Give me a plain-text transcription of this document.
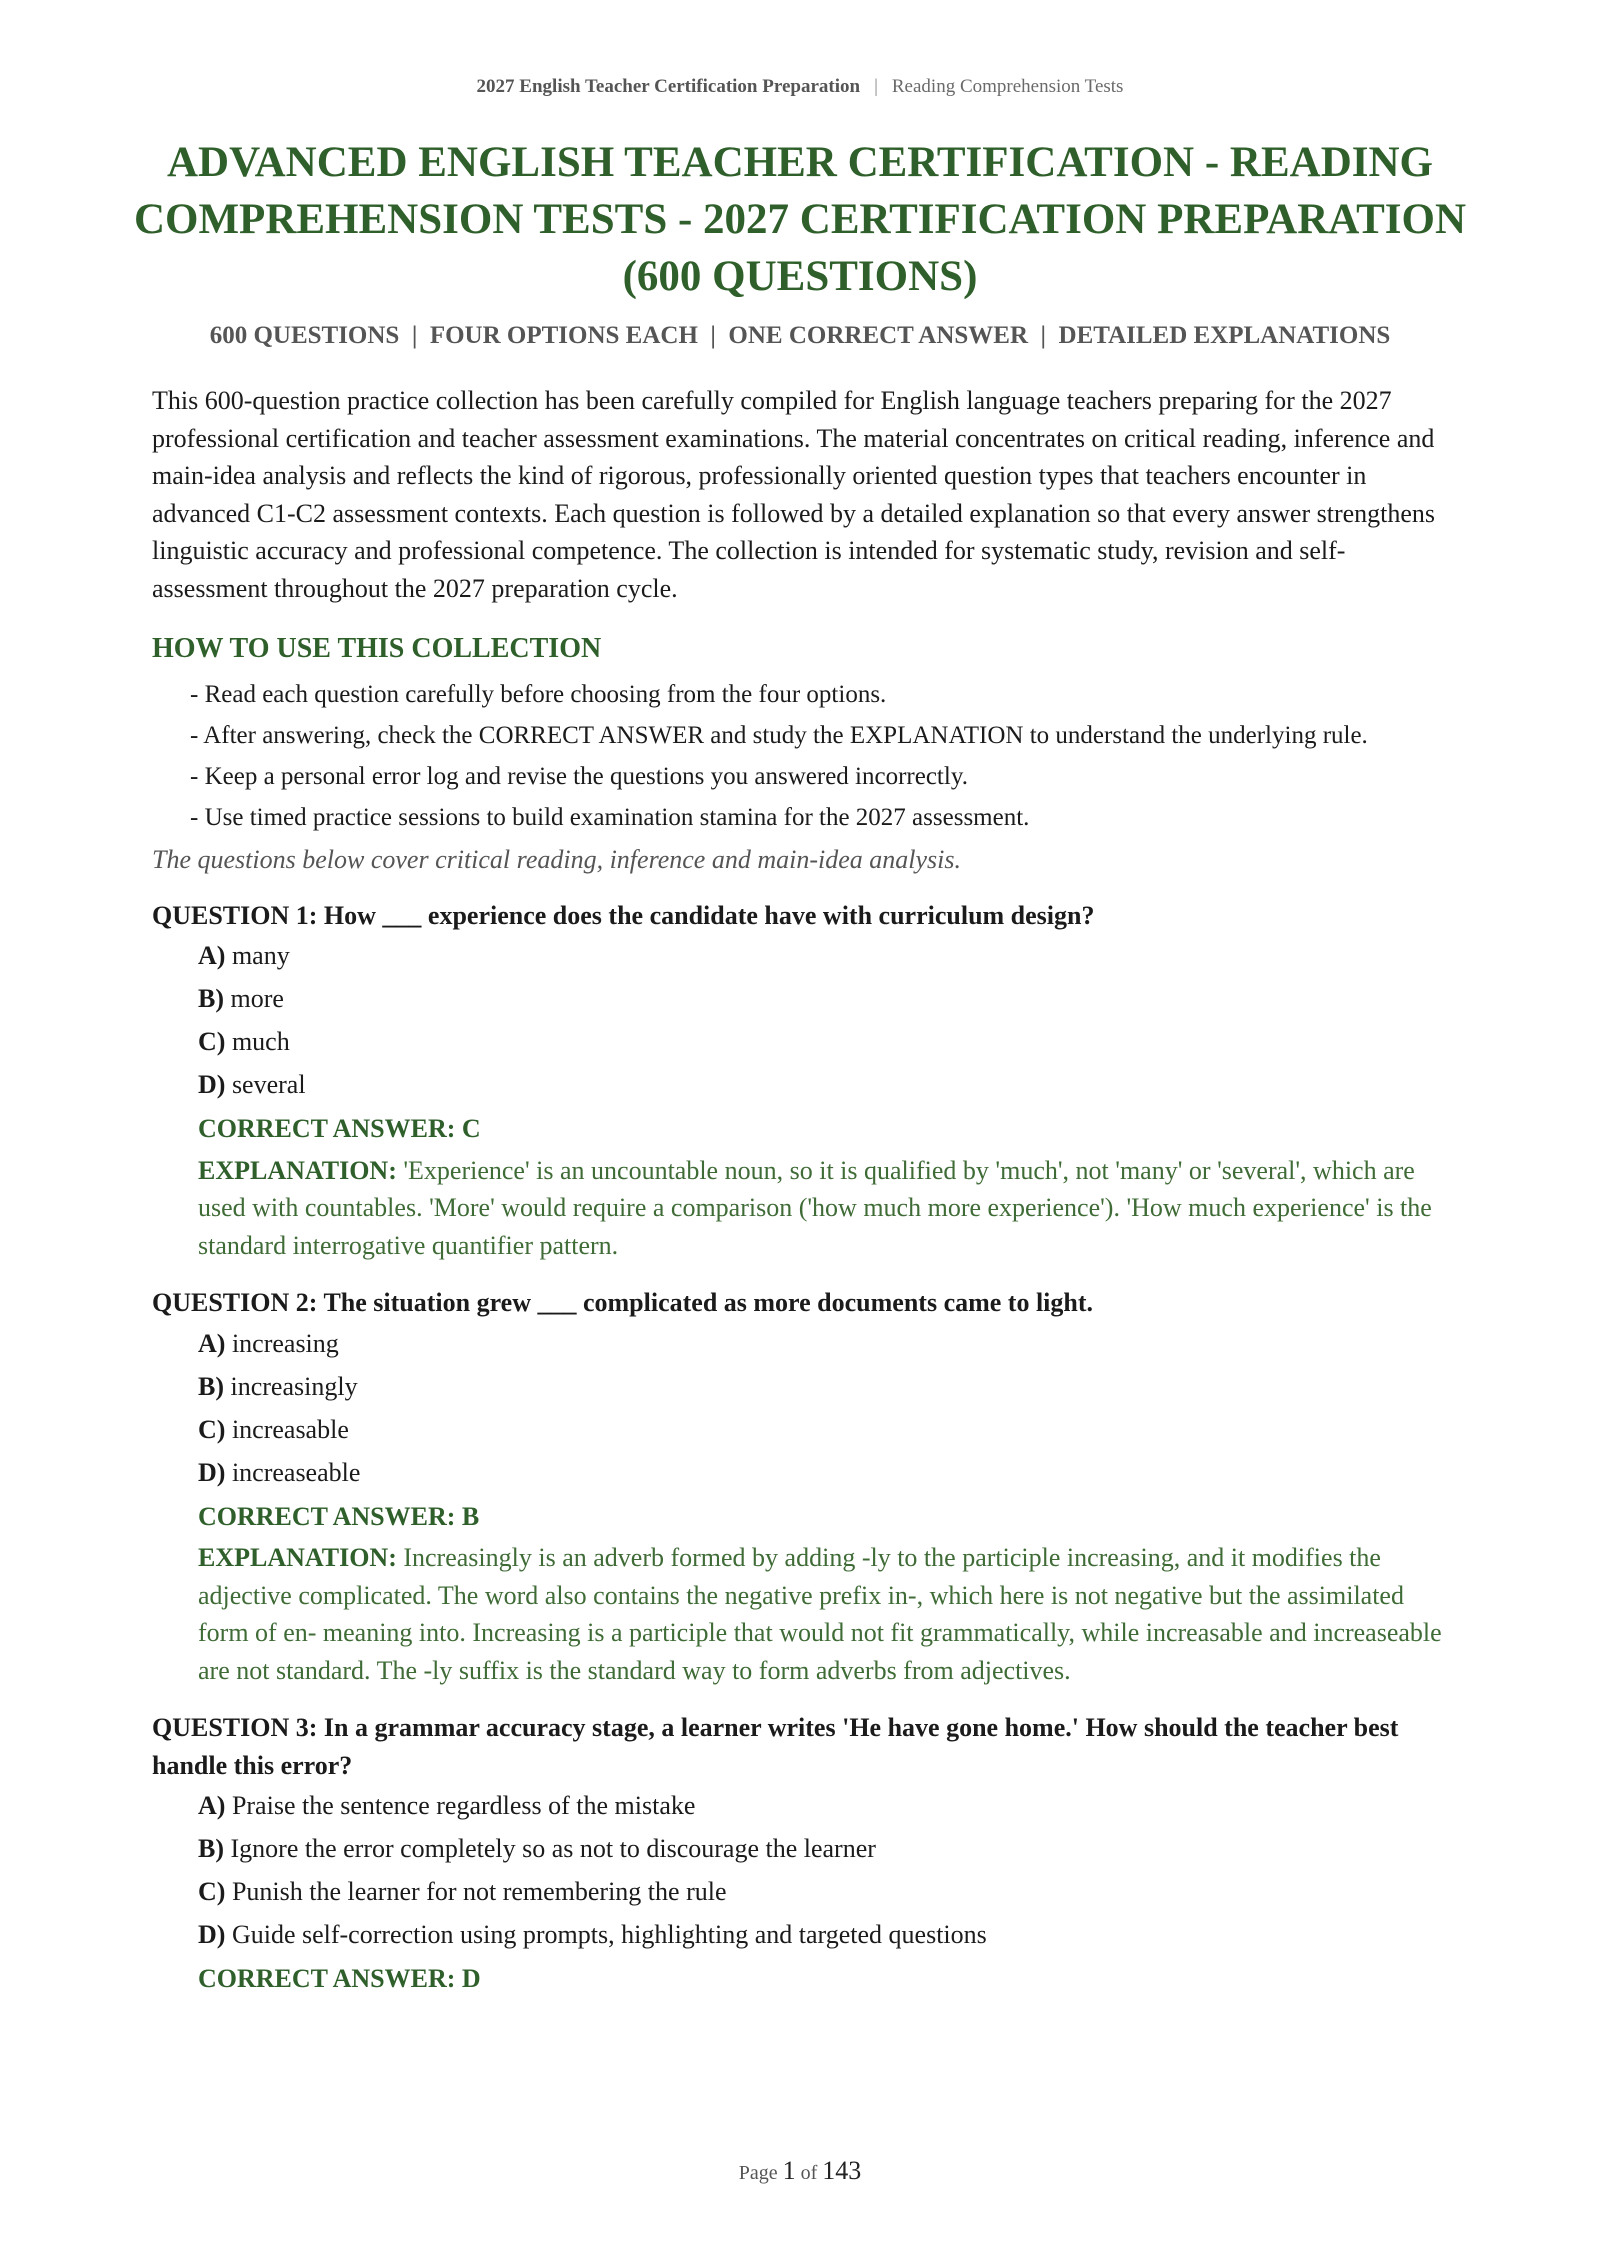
2027 English Teacher Certification Preparation | Reading Comprehension Tests
ADVANCED ENGLISH TEACHER CERTIFICATION - READING COMPREHENSION TESTS - 2027 CERTIFICATION PREPARATION (600 QUESTIONS)
600 QUESTIONS  |  FOUR OPTIONS EACH  |  ONE CORRECT ANSWER  |  DETAILED EXPLANATIONS

This 600-question practice collection has been carefully compiled for English language teachers preparing for the 2027 professional certification and teacher assessment examinations. The material concentrates on critical reading, inference and main-idea analysis and reflects the kind of rigorous, professionally oriented question types that teachers encounter in advanced C1-C2 assessment contexts. Each question is followed by a detailed explanation so that every answer strengthens linguistic accuracy and professional competence. The collection is intended for systematic study, revision and self-assessment throughout the 2027 preparation cycle.

HOW TO USE THIS COLLECTION
- Read each question carefully before choosing from the four options.
- After answering, check the CORRECT ANSWER and study the EXPLANATION to understand the underlying rule.
- Keep a personal error log and revise the questions you answered incorrectly.
- Use timed practice sessions to build examination stamina for the 2027 assessment.

The questions below cover critical reading, inference and main-idea analysis.

QUESTION 1: How ___ experience does the candidate have with curriculum design?

A) many
B) more
C) much
D) several

CORRECT ANSWER: C

EXPLANATION: 'Experience' is an uncountable noun, so it is qualified by 'much', not 'many' or 'several', which are used with countables. 'More' would require a comparison ('how much more experience'). 'How much experience' is the standard interrogative quantifier pattern.

QUESTION 2: The situation grew ___ complicated as more documents came to light.

A) increasing
B) increasingly
C) increasable
D) increaseable

CORRECT ANSWER: B

EXPLANATION: Increasingly is an adverb formed by adding -ly to the participle increasing, and it modifies the adjective complicated. The word also contains the negative prefix in-, which here is not negative but the assimilated form of en- meaning into. Increasing is a participle that would not fit grammatically, while increasable and increaseable are not standard. The -ly suffix is the standard way to form adverbs from adjectives.

QUESTION 3: In a grammar accuracy stage, a learner writes 'He have gone home.' How should the teacher best handle this error?

A) Praise the sentence regardless of the mistake
B) Ignore the error completely so as not to discourage the learner
C) Punish the learner for not remembering the rule
D) Guide self-correction using prompts, highlighting and targeted questions

CORRECT ANSWER: D

Page 1 of 143
